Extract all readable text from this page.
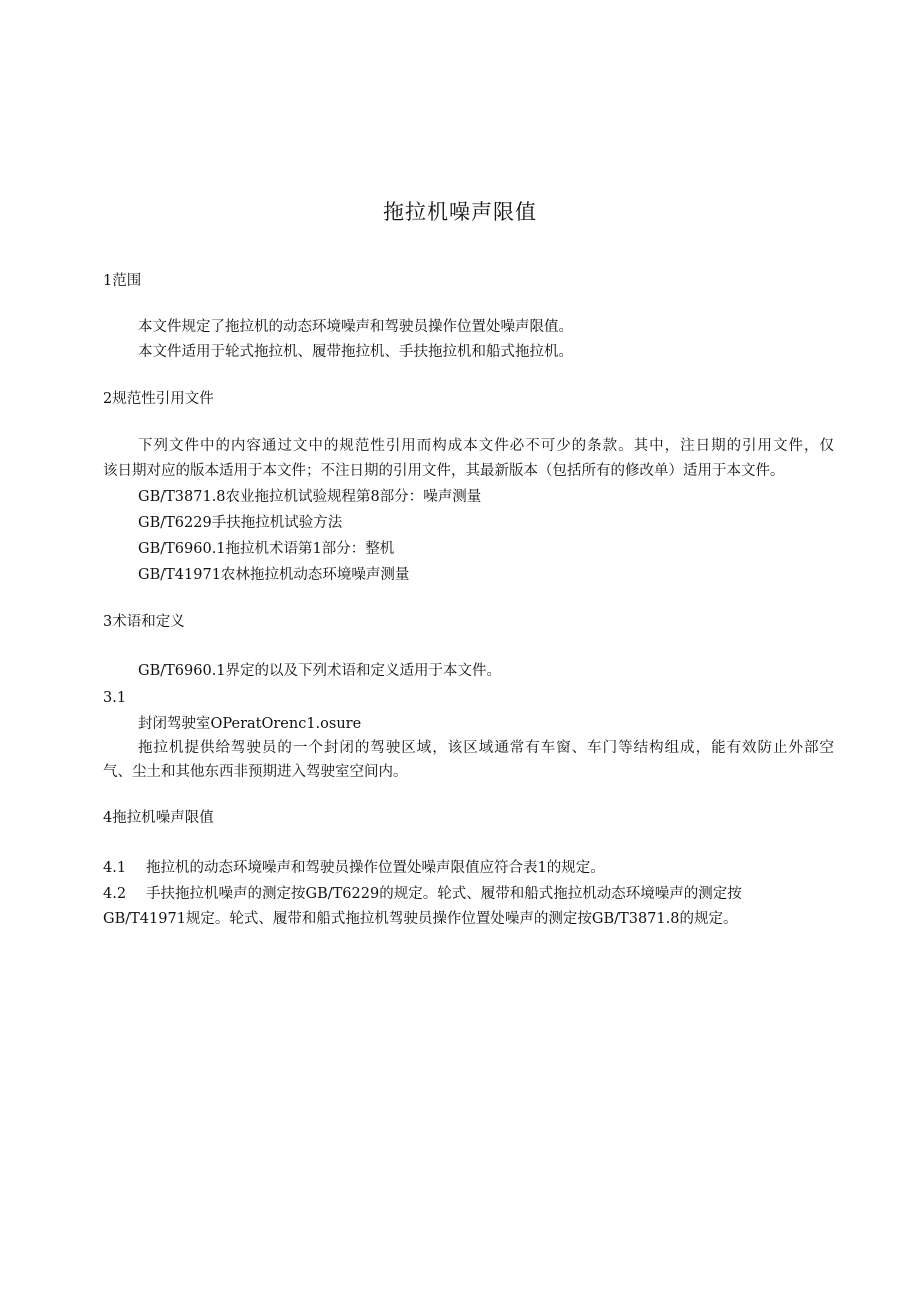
拖拉机噪声限值
1范围
本文件规定了拖拉机的动态环境噪声和驾驶员操作位置处噪声限值。
本文件适用于轮式拖拉机、履带拖拉机、手扶拖拉机和船式拖拉机。
2规范性引用文件
下列文件中的内容通过文中的规范性引用而构成本文件必不可少的条款。其中，注日期的引用文件，仅
该日期对应的版本适用于本文件；不注日期的引用文件，其最新版本（包括所有的修改单）适用于本文件。
GB/T3871.8农业拖拉机试验规程第8部分：噪声测量
GB/T6229手扶拖拉机试验方法
GB/T6960.1拖拉机术语第1部分：整机
GB/T41971农林拖拉机动态环境噪声测量
3术语和定义
GB/T6960.1界定的以及下列术语和定义适用于本文件。
3.1
封闭驾驶室OPeratOrenc1.osure
拖拉机提供给驾驶员的一个封闭的驾驶区域，该区域通常有车窗、车门等结构组成，能有效防止外部空
气、尘土和其他东西非预期进入驾驶室空间内。
4拖拉机噪声限值
4.1 拖拉机的动态环境噪声和驾驶员操作位置处噪声限值应符合表1的规定。
4.2 手扶拖拉机噪声的测定按GB/T6229的规定。轮式、履带和船式拖拉机动态环境噪声的测定按
GB/T41971规定。轮式、履带和船式拖拉机驾驶员操作位置处噪声的测定按GB/T3871.8的规定。
